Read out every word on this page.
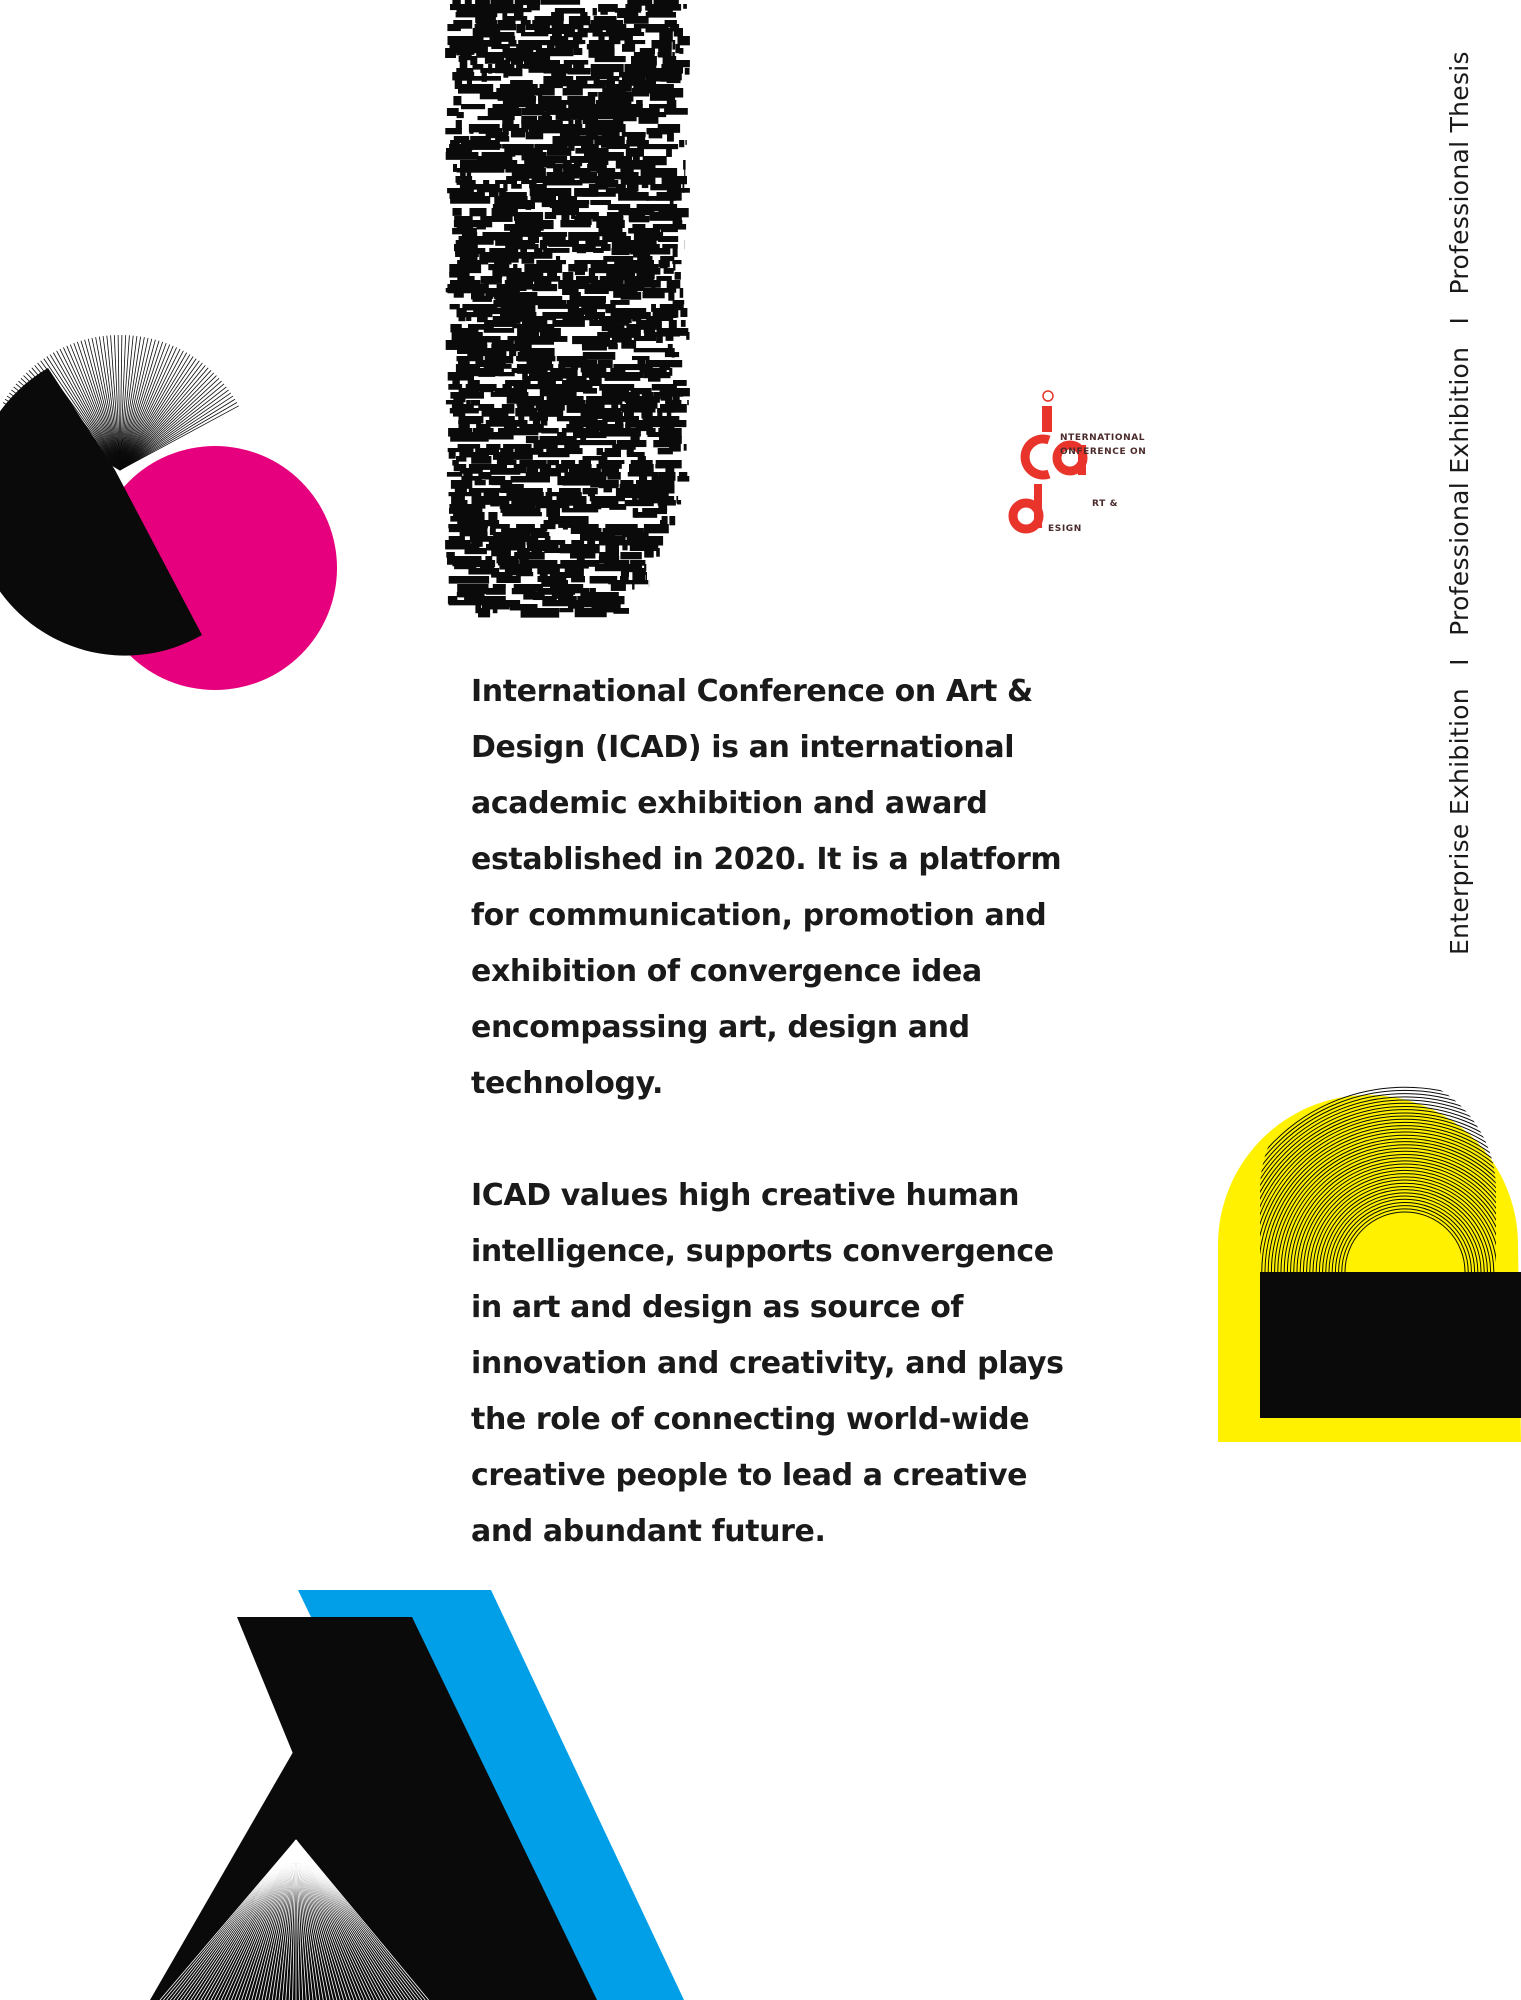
NTERNATIONAL
ONFERENCE ON
RT &
ESIGN

International Conference on Art & Design (ICAD) is an international academic exhibition and award established in 2020. It is a platform for communication, promotion and exhibition of convergence idea encompassing art, design and technology.

ICAD values high creative human intelligence, supports convergence in art and design as source of innovation and creativity, and plays the role of connecting world-wide creative people to lead a creative and abundant future.

Enterprise Exhibition I Professional Exhibition I Professional Thesis
